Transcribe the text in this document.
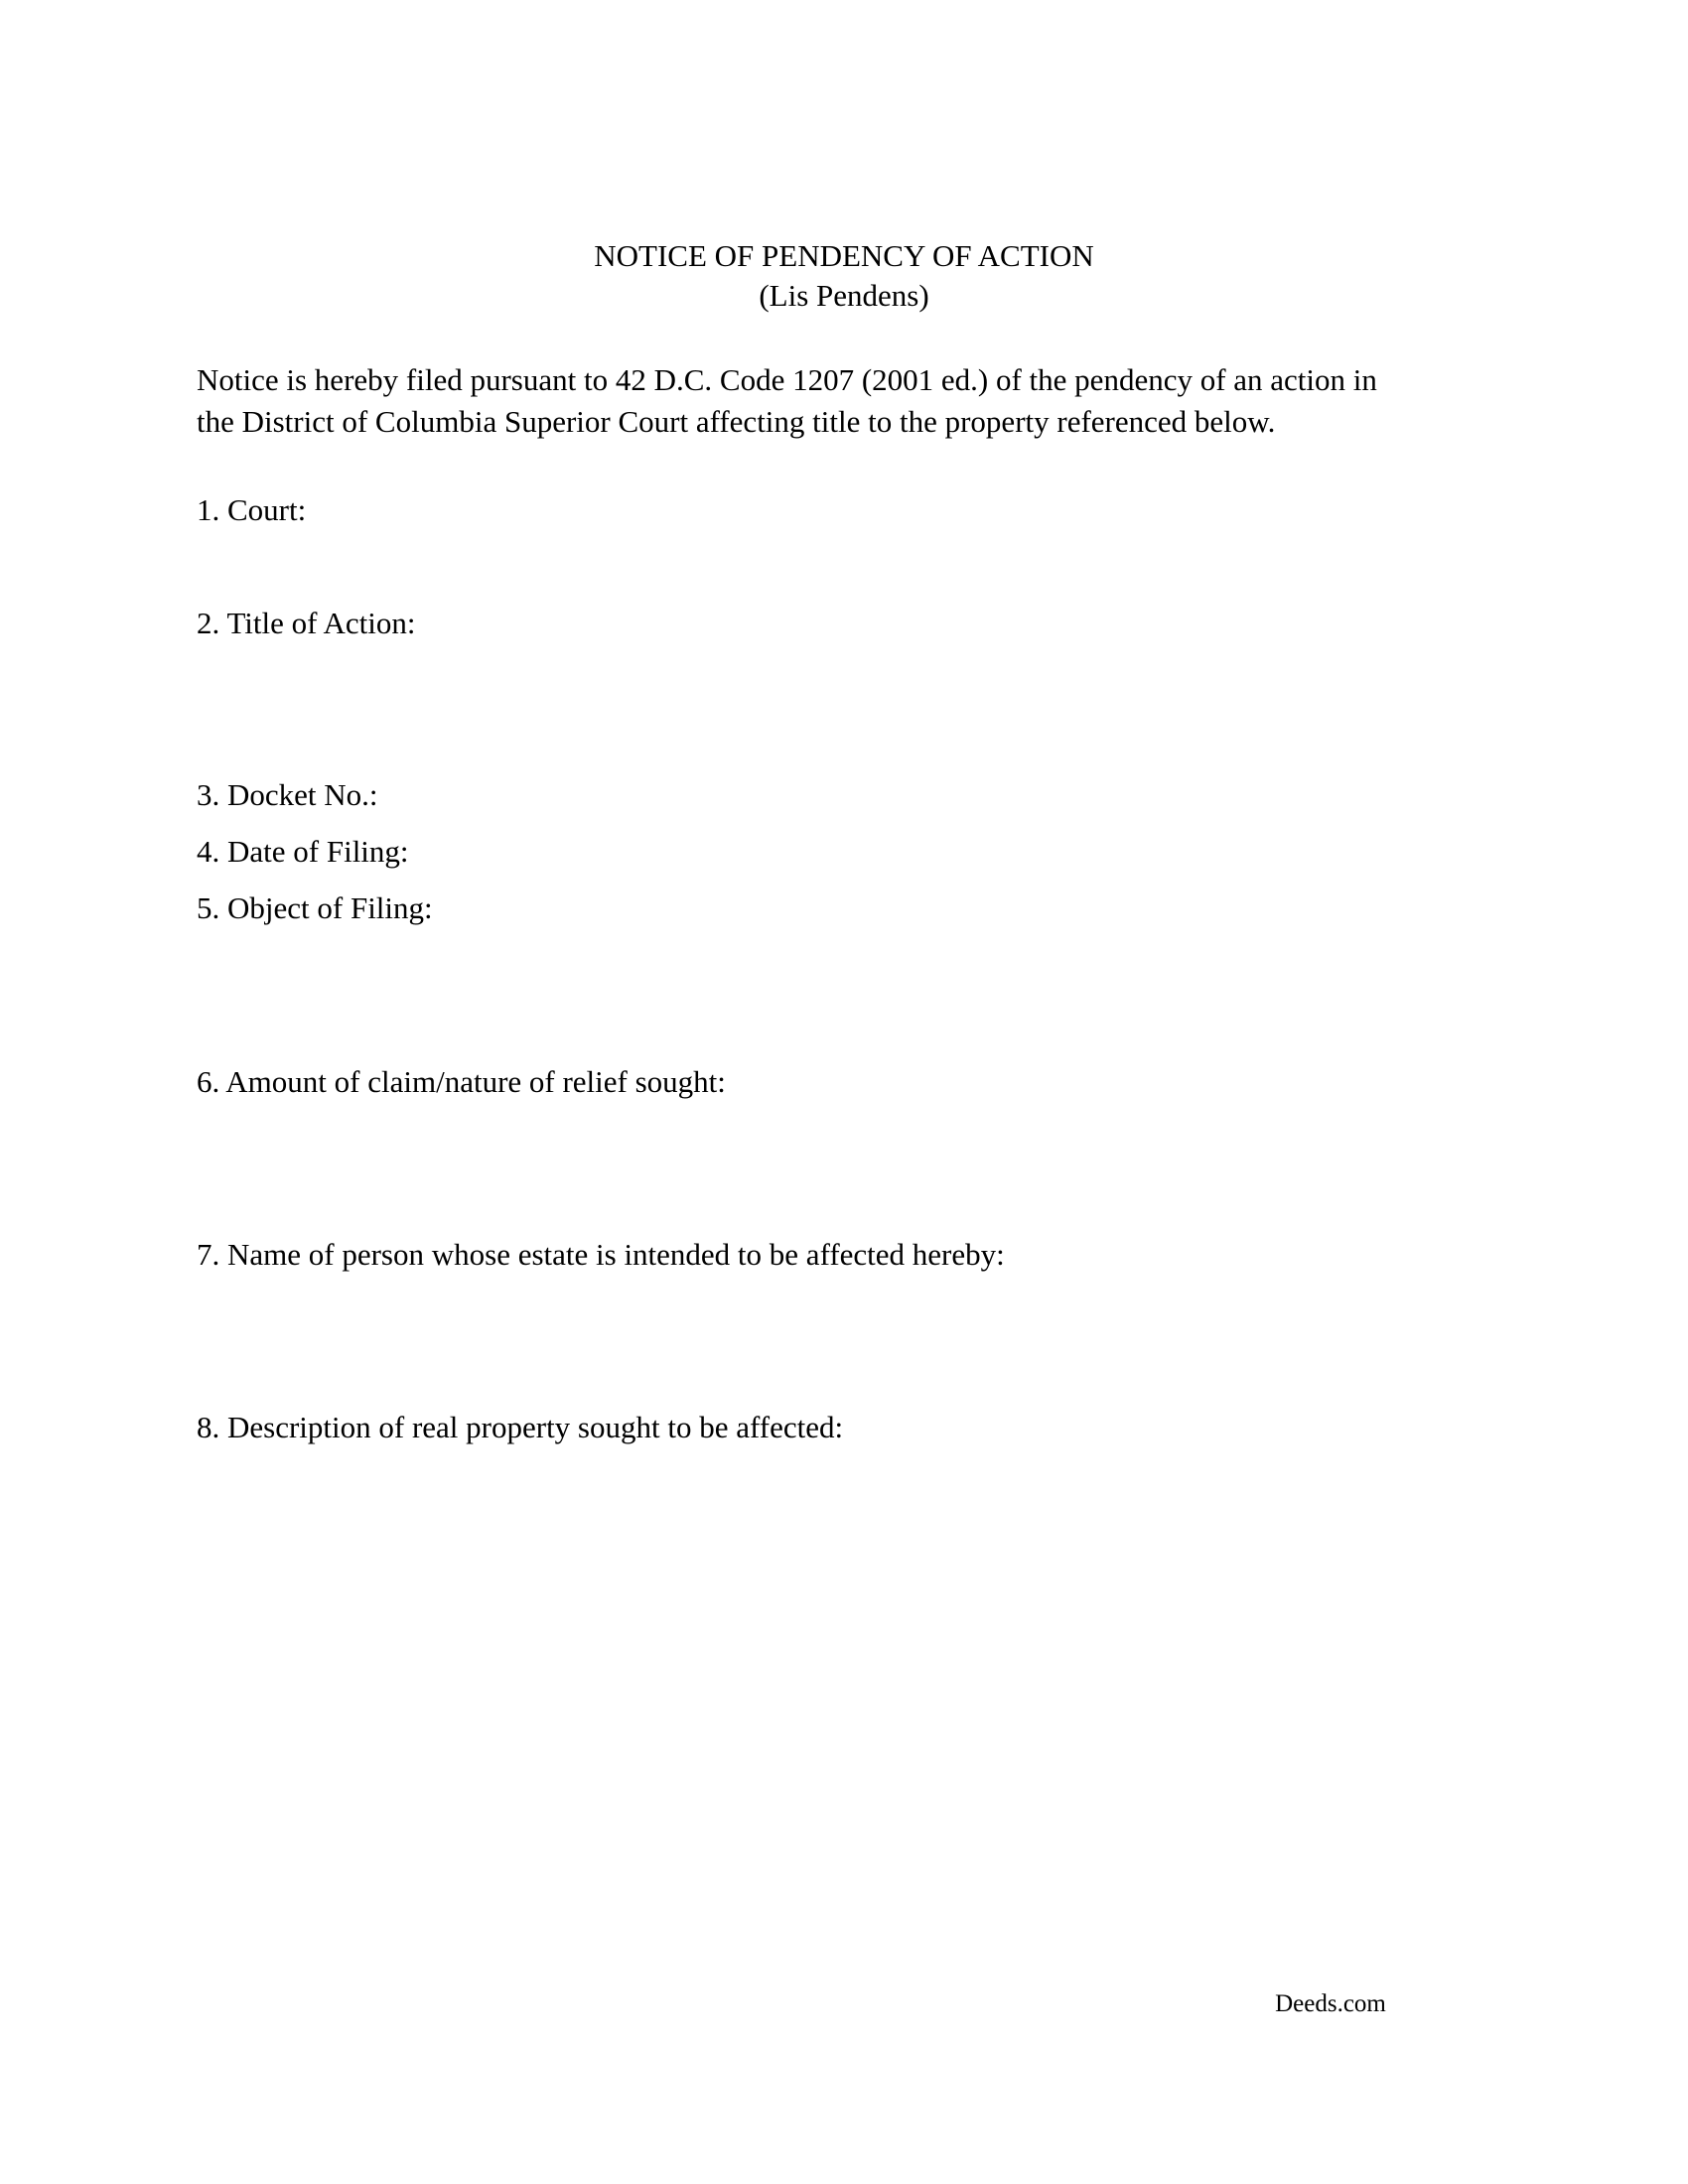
NOTICE OF PENDENCY OF ACTION
(Lis Pendens)
Notice is hereby filed pursuant to 42 D.C. Code 1207 (2001 ed.) of the pendency of an action in
the District of Columbia Superior Court affecting title to the property referenced below.
1. Court:
2. Title of Action:
3. Docket No.:
4. Date of Filing:
5. Object of Filing:
6. Amount of claim/nature of relief sought:
7. Name of person whose estate is intended to be affected hereby:
8. Description of real property sought to be affected:
Deeds.com
